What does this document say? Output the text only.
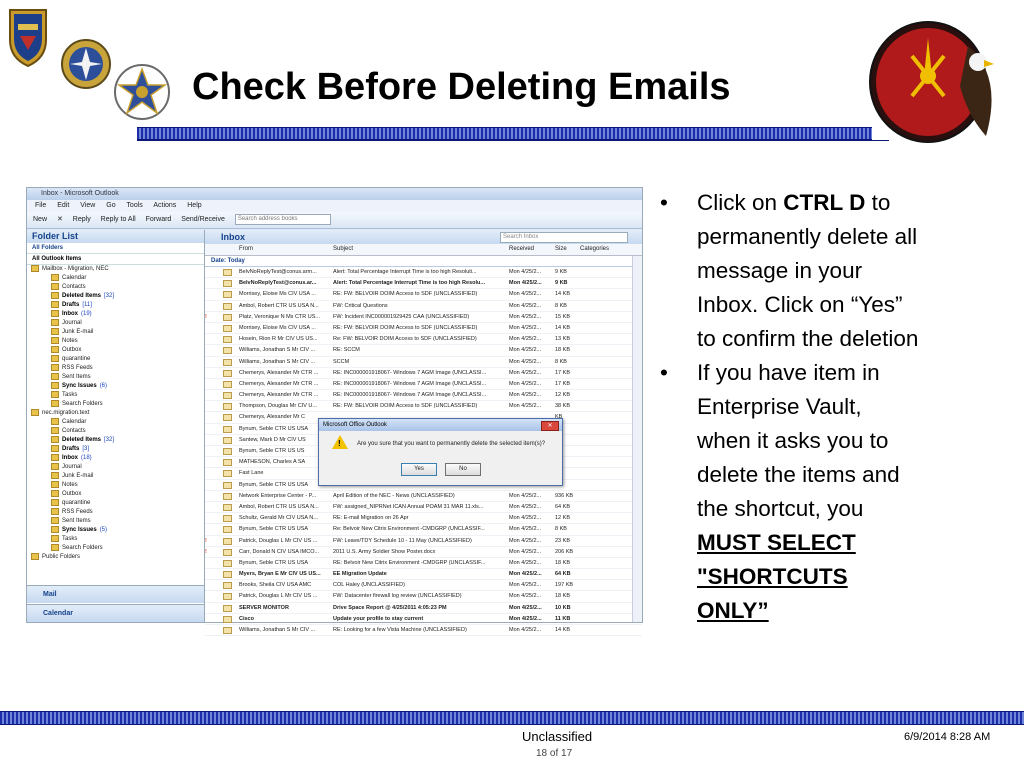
Check Before Deleting Emails
Inbox - Microsoft Outlook
File Edit View Go Tools Actions Help
New ✕ Reply Reply to All Forward Send/Receive Search address books
Folder List
All Folders
All Outlook Items
Mailbox - Migration, NEC
Calendar
Contacts
Deleted Items [32]
Drafts [11]
Inbox (19)
Journal
Junk E-mail
Notes
Outbox
quarantine
RSS Feeds
Sent Items
Sync Issues (6)
Tasks
Search Folders
nec.migration.text
Calendar
Contacts
Deleted Items [32]
Drafts [3]
Inbox (18)
Journal
Junk E-mail
Notes
Outbox
quarantine
RSS Feeds
Sent Items
Sync Issues (5)
Tasks
Search Folders
Public Folders
Mail
Calendar
Inbox	Search Inbox
From	Subject	Received	Size Categories
Date: Today
BelvNoReplyTest@conus.arm...	Alert: Total Percentage Interrupt Time is too high Resoluti...	Mon 4/25/2...	9 KB
BelvNoReplyTest@conus.ar...	Alert: Total Percentage Interrupt Time is too high Resolu...	Mon 4/25/2...	9 KB
Morrisey, Eloise Ms CIV USA ...	RE: FW: BELVOIR DOIM Access to SDF (UNCLASSIFIED)	Mon 4/25/2...	14 KB
Ambol, Robert CTR US USA N...	FW: Critical Questions	Mon 4/25/2...	8 KB
!	Platz, Veronique N Ms CTR US...	FW: Incident INC000001929425 CAA (UNCLASSIFIED)	Mon 4/25/2...	15 KB
Morrisey, Eloise Ms CIV USA ...	RE: FW: BELVOIR DOIM Access to SDF (UNCLASSIFIED)	Mon 4/25/2...	14 KB
Hosein, Rion R Mr CIV US US...	Re: FW: BELVOIR DOIM Access to SDF (UNCLASSIFIED)	Mon 4/25/2...	13 KB
Williams, Jonathan S Mr CIV ...	RE: SCCM	Mon 4/25/2...	18 KB
Williams, Jonathan S Mr CIV ...	SCCM	Mon 4/25/2...	8 KB
Chemerys, Alexander Mr CTR ...	RE: INC000001918067- Windows 7 AGM Image (UNCLASSI...	Mon 4/25/2...	17 KB
Chemerys, Alexander Mr CTR ...	RE: INC000001918067- Windows 7 AGM Image (UNCLASSI...	Mon 4/25/2...	17 KB
Chemerys, Alexander Mr CTR ...	RE: INC000001918067- Windows 7 AGM Image (UNCLASSI...	Mon 4/25/2...	12 KB
Thompson, Douglas Mr CIV U...	RE: FW: BELVOIR DOIM Access to SDF (UNCLASSIFIED)	Mon 4/25/2...	38 KB
Chemerys, Alexander Mr C
Bynum, Seble CTR US USA
Santew, Mark D Mr CIV US
Bynum, Seble CTR US US
MATHESON, Charles A SA
Fast Lane
Bynum, Seble CTR US USA
Network Enterprise Center - P...	April Edition of the NEC - News (UNCLASSIFIED)	Mon 4/25/2...	936 KB
Ambol, Robert CTR US USA N...	FW: assigned_NIPRNet ICAN Annual POAM 31 MAR 11.xls...	Mon 4/25/2...	64 KB
Schultz, Gerald Mr CIV USA N...	RE: E-mail Migration on 26 Apr	Mon 4/25/2...	12 KB
Bynum, Seble CTR US USA	Re: Belvoir New Citrix Environment -CMDGRP (UNCLASSIF...	Mon 4/25/2...	8 KB
!	Patrick, Douglas L Mr CIV US ...	FW: Leave/TDY Schedule 10 - 11 May (UNCLASSIFIED)	Mon 4/25/2...	23 KB
!	Carr, Donald N CIV USA IMCO...	2011 U.S. Army Soldier Show Poster.docx	Mon 4/25/2...	206 KB
Bynum, Seble CTR US USA	RE: Belvoir New Citrix Environment -CMDGRP (UNCLASSIF...	Mon 4/25/2...	18 KB
Myers, Bryan E Mr CIV US US...	EE Migration Update	Mon 4/25/2...	64 KB
Brooks, Sheila CIV USA AMC	COL Haley (UNCLASSIFIED)	Mon 4/25/2...	197 KB
Patrick, Douglas L Mr CIV US ...	FW: Datacenter firewall log review (UNCLASSIFIED)	Mon 4/25/2...	18 KB
SERVER MONITOR	Drive Space Report @ 4/25/2011 4:05:23 PM	Mon 4/25/2...	10 KB
Cisco	Update your profile to stay current	Mon 4/25/2...	11 KB
Williams, Jonathan S Mr CIV ...	RE: Looking for a few Vista Machine (UNCLASSIFIED)	Mon 4/25/2...	14 KB
Microsoft Office Outlook	✕
!	Are you sure that you want to permanently delete the selected item(s)?
Yes	No
• Click on CTRL D to
permanently delete all
message in your
Inbox. Click on “Yes”
to confirm the deletion
• If you have item in
Enterprise Vault,
when it asks you to
delete the items and
the shortcut, you
MUST SELECT
"SHORTCUTS
ONLY”
Unclassified
18 of 17
6/9/2014 8:28 AM
